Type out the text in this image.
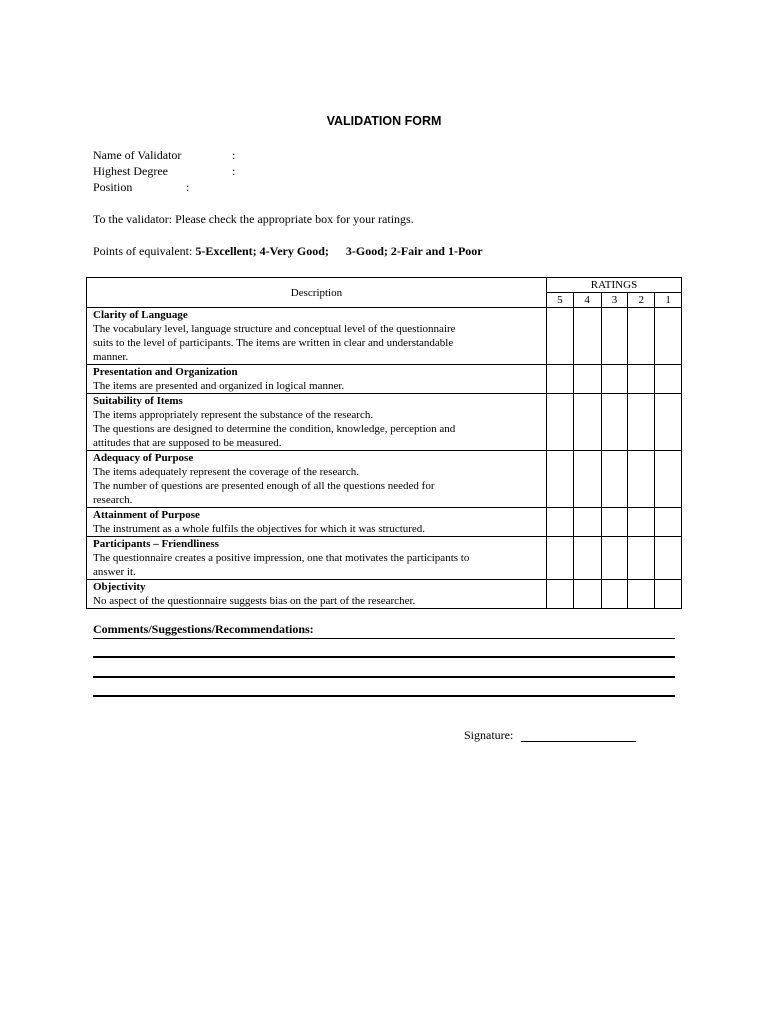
VALIDATION FORM
Name of Validator	:
Highest Degree	:
Position	:
To the validator: Please check the appropriate box for your ratings.
Points of equivalent: 5-Excellent; 4-Very Good; 3-Good; 2-Fair and 1-Poor
Description	RATINGS				
	5	4	3	2	1

Clarity of Language
The vocabulary level, language structure and conceptual level of the questionnaire
suits to the level of participants. The items are written in clear and understandable
manner.					

Presentation and Organization
The items are presented and organized in logical manner.					

Suitability of Items
The items appropriately represent the substance of the research.
The questions are designed to determine the condition, knowledge, perception and
attitudes that are supposed to be measured.					

Adequacy of Purpose
The items adequately represent the coverage of the research.
The number of questions are presented enough of all the questions needed for
research.					

Attainment of Purpose
The instrument as a whole fulfils the objectives for which it was structured.					

Participants – Friendliness
The questionnaire creates a positive impression, one that motivates the participants to
answer it.					

Objectivity
No aspect of the questionnaire suggests bias on the part of the researcher.					

Comments/Suggestions/Recommendations:
Signature:
